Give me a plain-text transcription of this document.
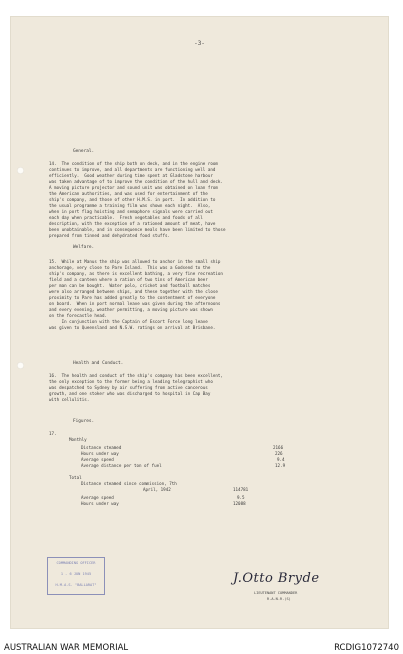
-3-
General.
14.  The condition of the ship both on deck, and in the engine room
continues to improve, and all departments are functioning well and
efficiently.  Good weather during time spent at Gladstone harbour
was taken advantage of to improve the condition of the hull and deck.
A moving picture projector and sound unit was obtained on loan from
the American authorities, and was used for entertainment of the
ship's company, and those of other H.M.S. in port.  In addition to
the usual programme a training film was shown each night.  Also,
when in port flag hoisting and semaphore signals were carried out
each day when practicable.  Fresh vegetables and foods of all
description, with the exception of a rationed amount of meat, have
been unobtainable, and in consequence meals have been limited to those
prepared from tinned and dehydrated food stuffs.
Welfare.
15.  While at Manus the ship was allowed to anchor in the small ship
anchorage, very close to Pare Island.  This was a Godsend to the
ship's company, as there is excellent bathing, a very fine recreation
field and a canteen where a ration of two tins of American beer
per man can be bought.  Water polo, cricket and football matches
were also arranged between ships, and these together with the close
proximity to Pare has added greatly to the contentment of everyone
on board.  When in port normal leave was given during the afternoons
and every evening, weather permitting, a moving picture was shown
on the forecastle head.
In conjunction with the Captain of Escort Force long leave
was given to Queensland and N.S.W. ratings on arrival at Brisbane.
Health and Conduct.
16.  The health and conduct of the ship's company has been excellent,
the only exception to the former being a leading telegraphist who
was despatched to Sydney by air suffering from active cancerous
growth, and one stoker who was discharged to hospital in Cap Bay
with cellulitis.
Figures.
17.
Monthly
Distance steamed	2166
Hours under way	226
Average speed	9.4
Average distance per ton of fuel	12.9
Total
Distance steamed since commission, 7th
April, 1942	114781
Average speed	9.5
Hours under way	12088
COMMANDING OFFICER
1 - 6 JUN 1945
H.M.A.S. "BALLARAT"	J.Otto Bryde
LIEUTENANT COMMANDER
R.A.N.R.(S)
AUSTRALIAN WAR MEMORIAL	RCDIG1072740
